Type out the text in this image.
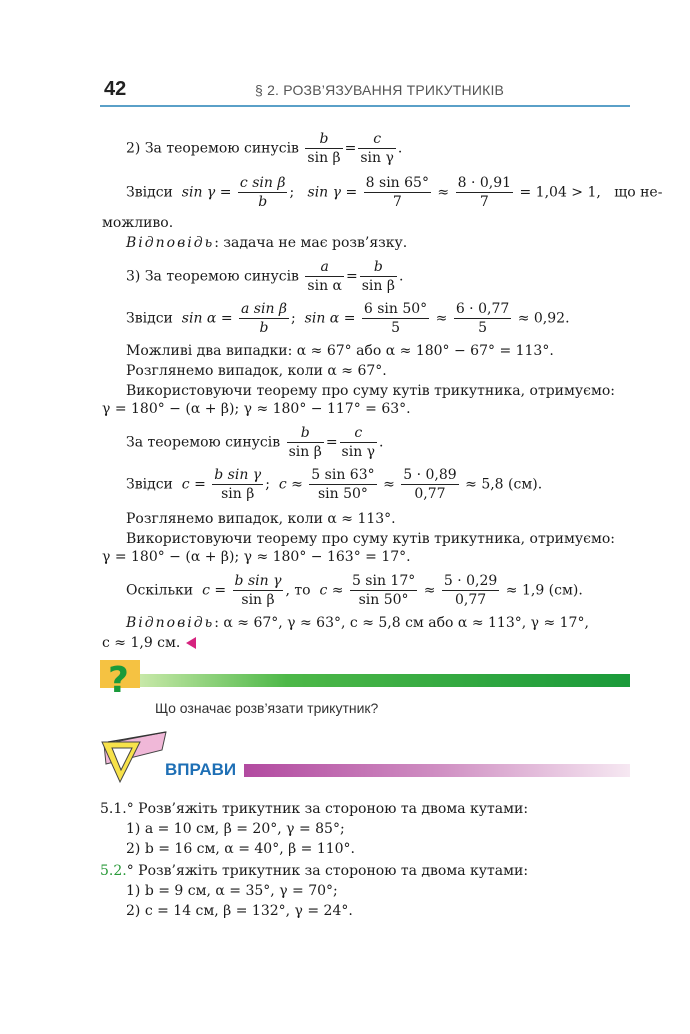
42	§ 2. РОЗВ’ЯЗУВАННЯ ТРИКУТНИКІВ
2) За теоремою синусів $\frac{b}{\text{sin β}} = \frac{c}{\text{sin γ}}$ .
Звідси $\sin \gamma = \frac{\text{c sin β}}{b}$ ; $\sin \gamma = \frac{8 \sin 65^\circ}{7} \approx \frac{8 \cdot 0,91}{7} = 1,04 > 1$, що не-
можливо.
Відповідь: задача не має розв’язку.
3) За теоремою синусів $\frac{a}{\text{sin α}} = \frac{b}{\text{sin β}}$ .
Звідси $\sin \alpha = \frac{\text{a sin β}}{b}$ ; $\sin \alpha = \frac{6 \sin 50^\circ}{5} \approx \frac{6 \cdot 0,77}{5} \approx 0,92$.
Можливі два випадки: α ≈ 67° або α ≈ 180° − 67° = 113°.
Розглянемо випадок, коли α ≈ 67°.
Використовуючи теорему про суму кутів трикутника, отримуємо:
γ = 180° − (α + β); γ ≈ 180° − 117° = 63°.
За теоремою синусів $\frac{b}{\text{sin β}} = \frac{c}{\text{sin γ}}$ .
Звідси $c = \frac{\text{b sin γ}}{\text{sin β}}$ ; $c \approx \frac{5 \sin 63^\circ}{\sin 50^\circ} \approx \frac{5 \cdot 0,89}{0,77} \approx 5,8$ (см).
Розглянемо випадок, коли α ≈ 113°.
Використовуючи теорему про суму кутів трикутника, отримуємо:
γ = 180° − (α + β); γ ≈ 180° − 163° = 17°.
Оскільки $c = \frac{\text{b sin γ}}{\text{sin β}}$ , то $c \approx \frac{5 \sin 17^\circ}{\sin 50^\circ} \approx \frac{5 \cdot 0,29}{0,77} \approx 1,9$ (см).
Відповідь: α ≈ 67°, γ ≈ 63°, c ≈ 5,8 см або α ≈ 113°, γ ≈ 17°,
c ≈ 1,9 см.
?
Що означає розв’язати трикутник?
ВПРАВИ
5.1.° Розв’яжіть трикутник за стороною та двома кутами:
1) a = 10 см, β = 20°, γ = 85°;
2) b = 16 см, α = 40°, β = 110°.
5.2.° Розв’яжіть трикутник за стороною та двома кутами:
1) b = 9 см, α = 35°, γ = 70°;
2) c = 14 см, β = 132°, γ = 24°.
